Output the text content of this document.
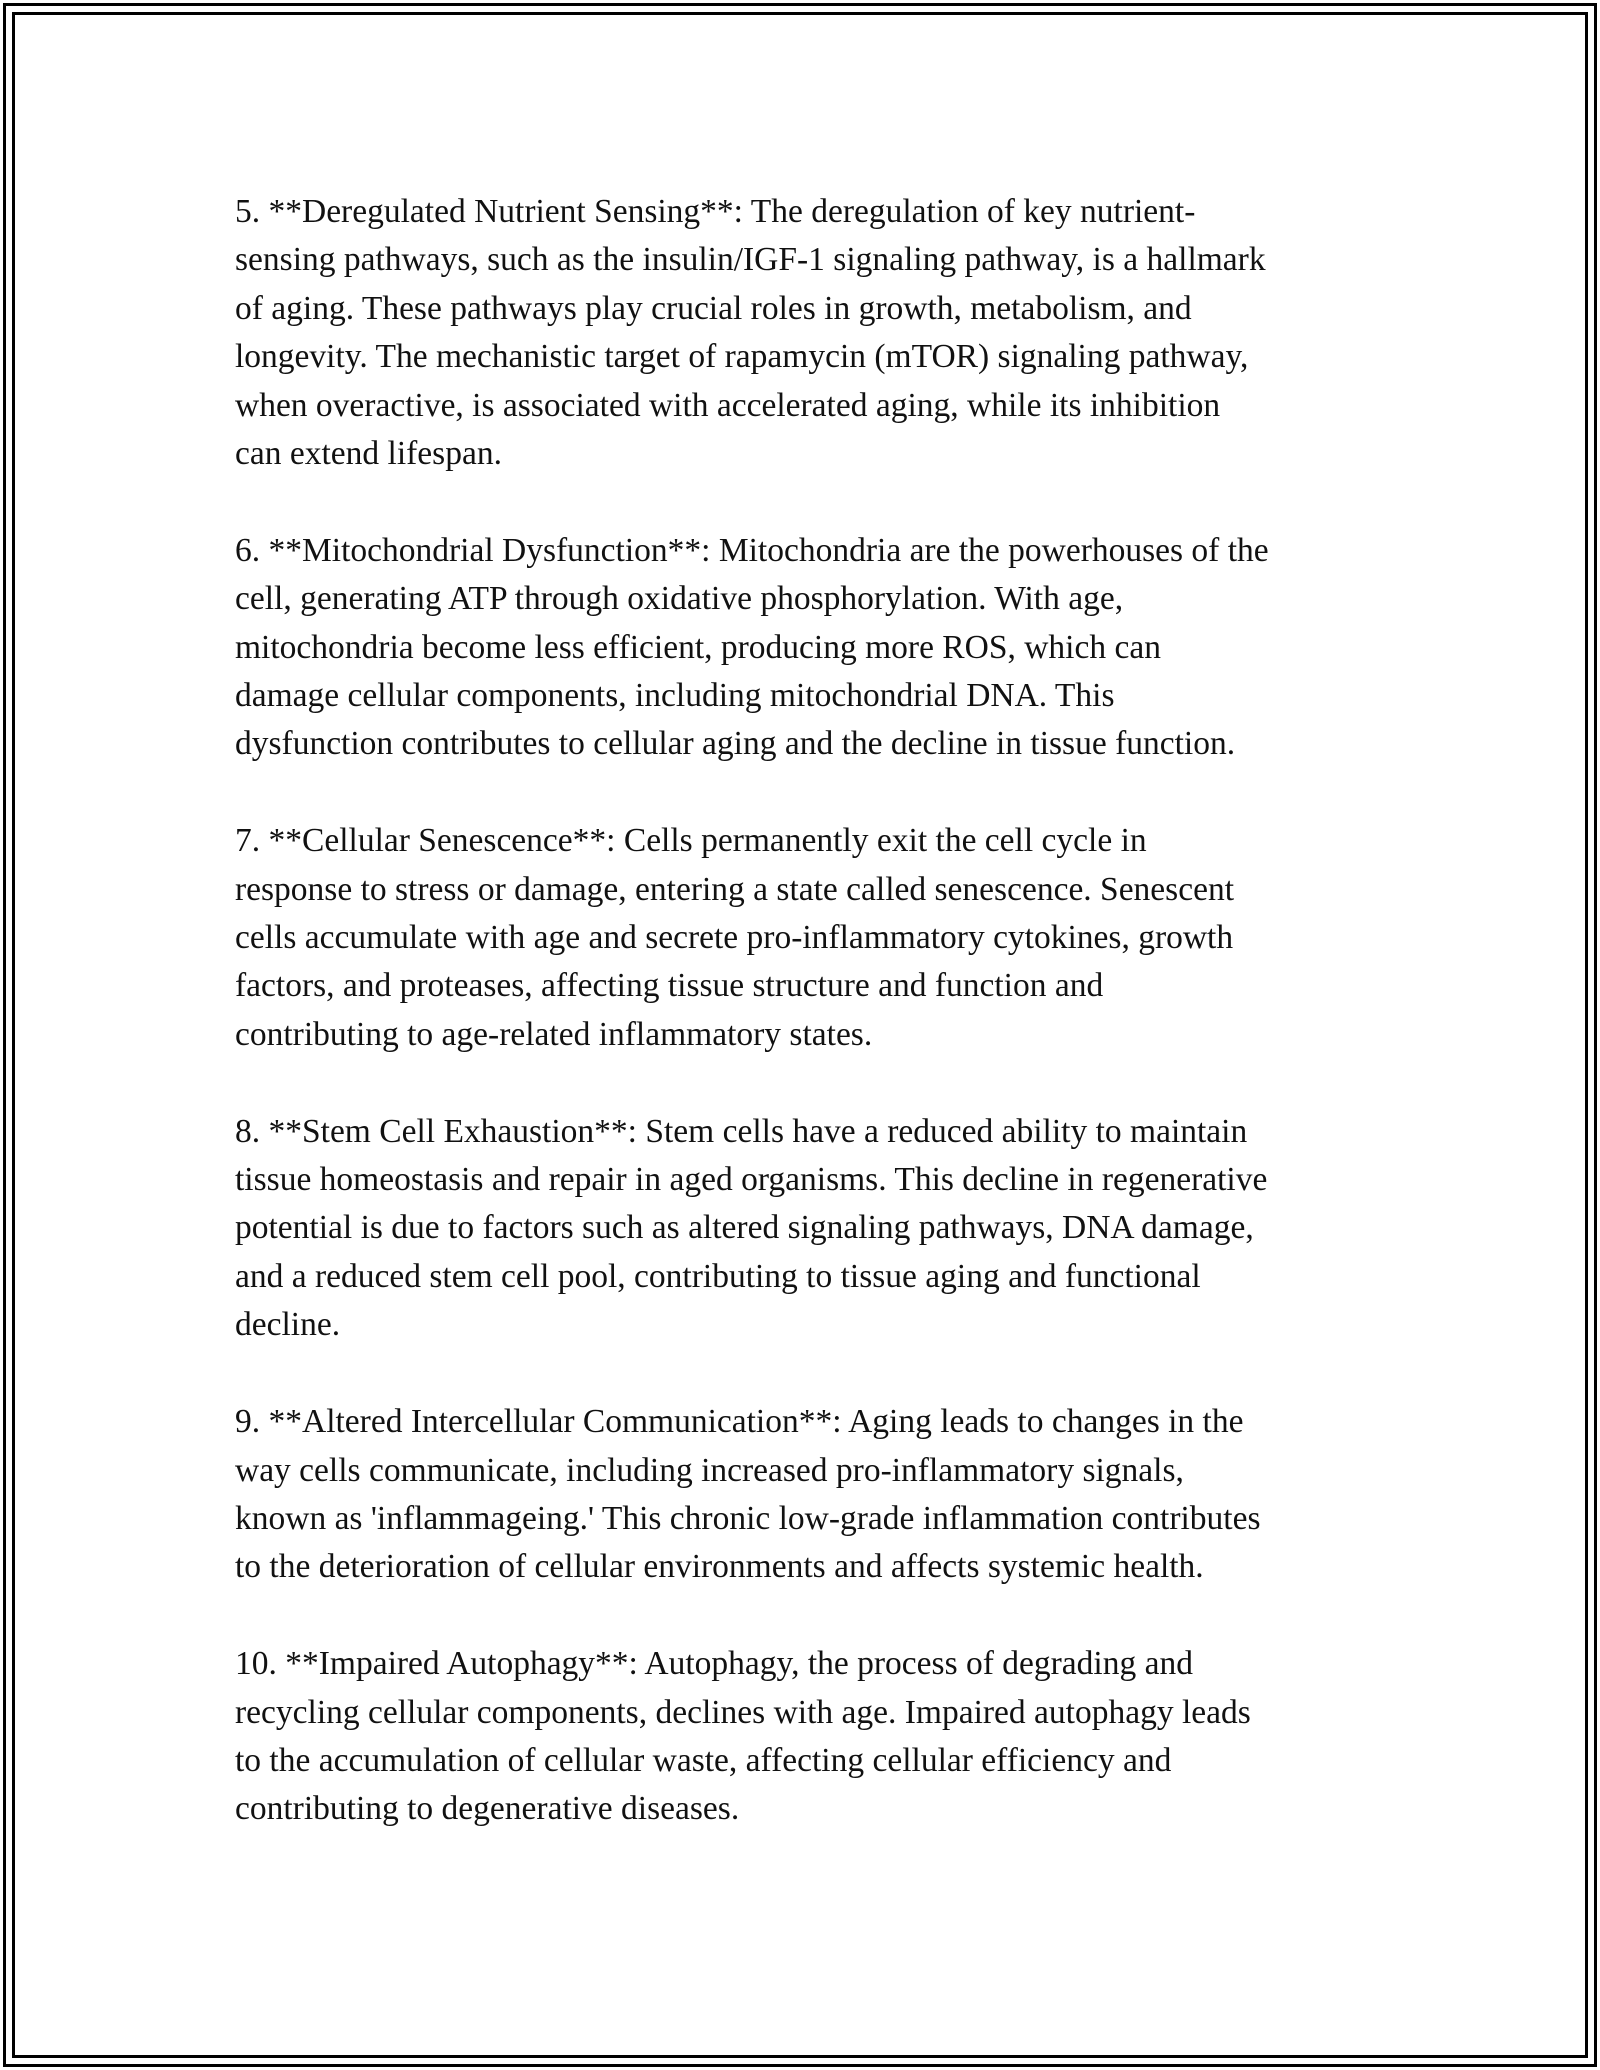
5. **Deregulated Nutrient Sensing**: The deregulation of key nutrient-
sensing pathways, such as the insulin/IGF-1 signaling pathway, is a hallmark
of aging. These pathways play crucial roles in growth, metabolism, and
longevity. The mechanistic target of rapamycin (mTOR) signaling pathway,
when overactive, is associated with accelerated aging, while its inhibition
can extend lifespan.

6. **Mitochondrial Dysfunction**: Mitochondria are the powerhouses of the
cell, generating ATP through oxidative phosphorylation. With age,
mitochondria become less efficient, producing more ROS, which can
damage cellular components, including mitochondrial DNA. This
dysfunction contributes to cellular aging and the decline in tissue function.

7. **Cellular Senescence**: Cells permanently exit the cell cycle in
response to stress or damage, entering a state called senescence. Senescent
cells accumulate with age and secrete pro-inflammatory cytokines, growth
factors, and proteases, affecting tissue structure and function and
contributing to age-related inflammatory states.

8. **Stem Cell Exhaustion**: Stem cells have a reduced ability to maintain
tissue homeostasis and repair in aged organisms. This decline in regenerative
potential is due to factors such as altered signaling pathways, DNA damage,
and a reduced stem cell pool, contributing to tissue aging and functional
decline.

9. **Altered Intercellular Communication**: Aging leads to changes in the
way cells communicate, including increased pro-inflammatory signals,
known as 'inflammageing.' This chronic low-grade inflammation contributes
to the deterioration of cellular environments and affects systemic health.

10. **Impaired Autophagy**: Autophagy, the process of degrading and
recycling cellular components, declines with age. Impaired autophagy leads
to the accumulation of cellular waste, affecting cellular efficiency and
contributing to degenerative diseases.
